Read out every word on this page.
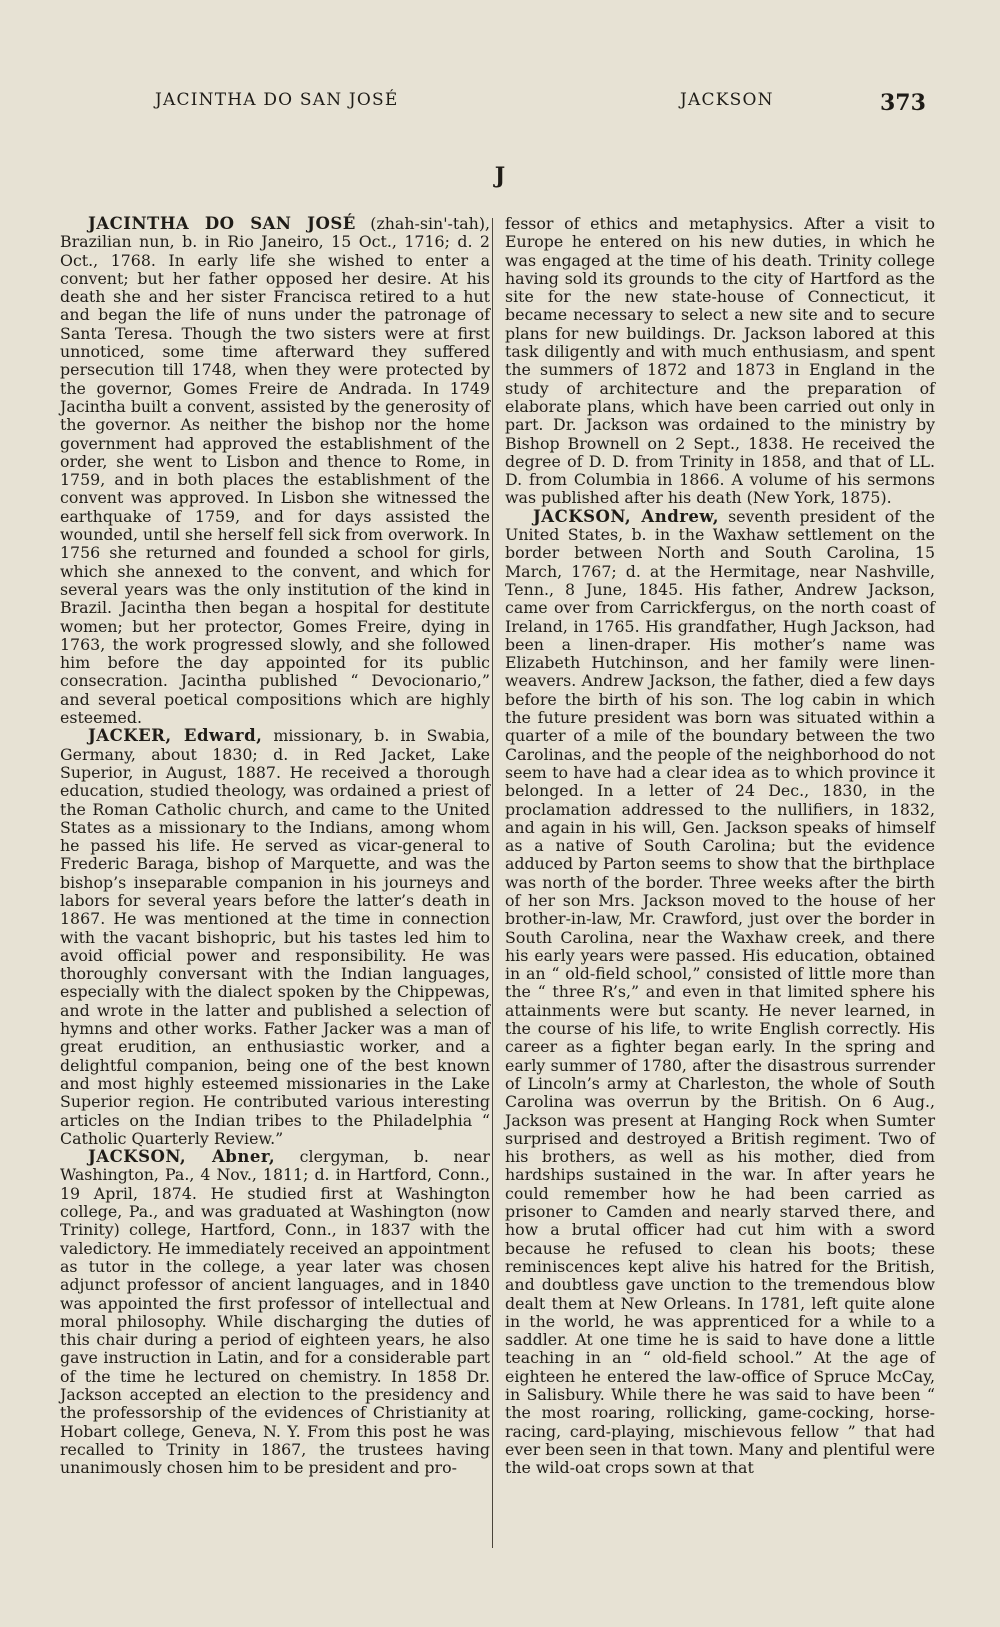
JACINTHA DO SAN JOSÉ	JACKSON	373
J

JACINTHA DO SAN JOSÉ (zhah-sin'-tah), Brazilian nun, b. in Rio Janeiro, 15 Oct., 1716; d. 2 Oct., 1768. In early life she wished to enter a convent; but her father opposed her desire. At his death she and her sister Francisca retired to a hut and began the life of nuns under the patronage of Santa Teresa. Though the two sisters were at first unnoticed, some time afterward they suffered persecution till 1748, when they were protected by the governor, Gomes Freire de Andrada. In 1749 Jacintha built a convent, assisted by the generosity of the governor. As neither the bishop nor the home government had approved the establishment of the order, she went to Lisbon and thence to Rome, in 1759, and in both places the establishment of the convent was approved. In Lisbon she witnessed the earthquake of 1759, and for days assisted the wounded, until she herself fell sick from overwork. In 1756 she returned and founded a school for girls, which she annexed to the convent, and which for several years was the only institution of the kind in Brazil. Jacintha then began a hospital for destitute women; but her protector, Gomes Freire, dying in 1763, the work progressed slowly, and she followed him before the day appointed for its public consecration. Jacintha published “ Devocionario,” and several poetical compositions which are highly esteemed.

JACKER, Edward, missionary, b. in Swabia, Germany, about 1830; d. in Red Jacket, Lake Superior, in August, 1887. He received a thorough education, studied theology, was ordained a priest of the Roman Catholic church, and came to the United States as a missionary to the Indians, among whom he passed his life. He served as vicar-general to Frederic Baraga, bishop of Marquette, and was the bishop’s inseparable companion in his journeys and labors for several years before the latter’s death in 1867. He was mentioned at the time in connection with the vacant bishopric, but his tastes led him to avoid official power and responsibility. He was thoroughly conversant with the Indian languages, especially with the dialect spoken by the Chippewas, and wrote in the latter and published a selection of hymns and other works. Father Jacker was a man of great erudition, an enthusiastic worker, and a delightful companion, being one of the best known and most highly esteemed missionaries in the Lake Superior region. He contributed various interesting articles on the Indian tribes to the Philadelphia “ Catholic Quarterly Review.”

JACKSON, Abner, clergyman, b. near Washington, Pa., 4 Nov., 1811; d. in Hartford, Conn., 19 April, 1874. He studied first at Washington college, Pa., and was graduated at Washington (now Trinity) college, Hartford, Conn., in 1837 with the valedictory. He immediately received an appointment as tutor in the college, a year later was chosen adjunct professor of ancient languages, and in 1840 was appointed the first professor of intellectual and moral philosophy. While discharging the duties of this chair during a period of eighteen years, he also gave instruction in Latin, and for a considerable part of the time he lectured on chemistry. In 1858 Dr. Jackson accepted an election to the presidency and the professorship of the evidences of Christianity at Hobart college, Geneva, N. Y. From this post he was recalled to Trinity in 1867, the trustees having unanimously chosen him to be president and pro-

fessor of ethics and metaphysics. After a visit to Europe he entered on his new duties, in which he was engaged at the time of his death. Trinity college having sold its grounds to the city of Hartford as the site for the new state-house of Connecticut, it became necessary to select a new site and to secure plans for new buildings. Dr. Jackson labored at this task diligently and with much enthusiasm, and spent the summers of 1872 and 1873 in England in the study of architecture and the preparation of elaborate plans, which have been carried out only in part. Dr. Jackson was ordained to the ministry by Bishop Brownell on 2 Sept., 1838. He received the degree of D. D. from Trinity in 1858, and that of LL. D. from Columbia in 1866. A volume of his sermons was published after his death (New York, 1875).

JACKSON, Andrew, seventh president of the United States, b. in the Waxhaw settlement on the border between North and South Carolina, 15 March, 1767; d. at the Hermitage, near Nashville, Tenn., 8 June, 1845. His father, Andrew Jackson, came over from Carrickfergus, on the north coast of Ireland, in 1765. His grandfather, Hugh Jackson, had been a linen-draper. His mother’s name was Elizabeth Hutchinson, and her family were linen-weavers. Andrew Jackson, the father, died a few days before the birth of his son. The log cabin in which the future president was born was situated within a quarter of a mile of the boundary between the two Carolinas, and the people of the neighborhood do not seem to have had a clear idea as to which province it belonged. In a letter of 24 Dec., 1830, in the proclamation addressed to the nullifiers, in 1832, and again in his will, Gen. Jackson speaks of himself as a native of South Carolina; but the evidence adduced by Parton seems to show that the birthplace was north of the border. Three weeks after the birth of her son Mrs. Jackson moved to the house of her brother-in-law, Mr. Crawford, just over the border in South Carolina, near the Waxhaw creek, and there his early years were passed. His education, obtained in an “ old-field school,” consisted of little more than the “ three R’s,” and even in that limited sphere his attainments were but scanty. He never learned, in the course of his life, to write English correctly. His career as a fighter began early. In the spring and early summer of 1780, after the disastrous surrender of Lincoln’s army at Charleston, the whole of South Carolina was overrun by the British. On 6 Aug., Jackson was present at Hanging Rock when Sumter surprised and destroyed a British regiment. Two of his brothers, as well as his mother, died from hardships sustained in the war. In after years he could remember how he had been carried as prisoner to Camden and nearly starved there, and how a brutal officer had cut him with a sword because he refused to clean his boots; these reminiscences kept alive his hatred for the British, and doubtless gave unction to the tremendous blow dealt them at New Orleans. In 1781, left quite alone in the world, he was apprenticed for a while to a saddler. At one time he is said to have done a little teaching in an “ old-field school.” At the age of eighteen he entered the law-office of Spruce McCay, in Salisbury. While there he was said to have been “ the most roaring, rollicking, game-cocking, horse-racing, card-playing, mischievous fellow ” that had ever been seen in that town. Many and plentiful were the wild-oat crops sown at that
